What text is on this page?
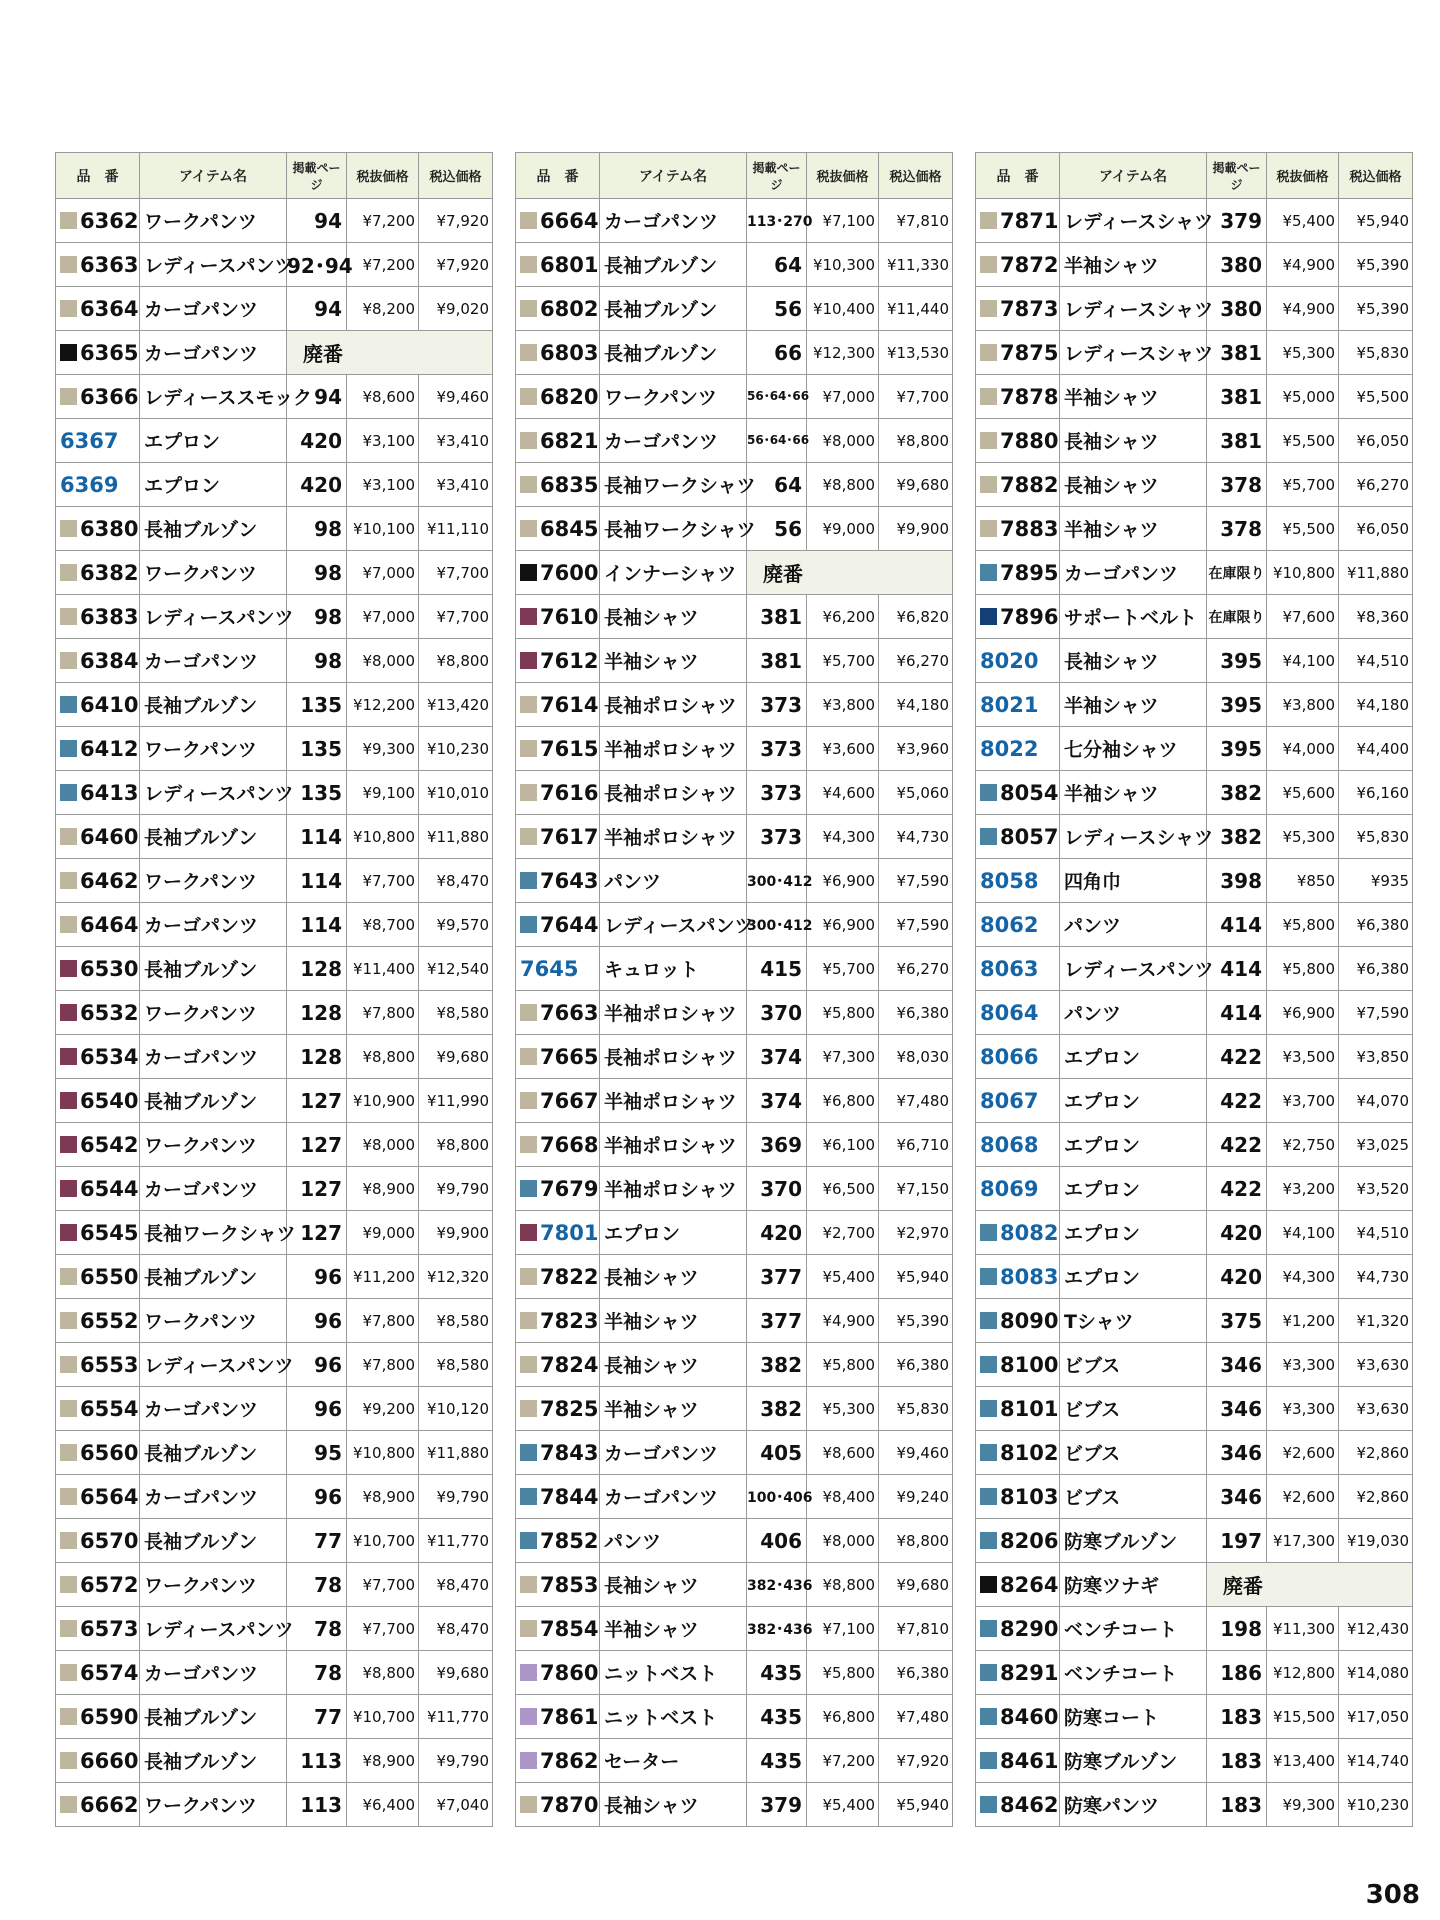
品　番	アイテム名	掲載ページ	税抜価格	税込価格
6362	ワークパンツ	94	¥7,200	¥7,920
6363	レディースパンツ	92･94	¥7,200	¥7,920
6364	カーゴパンツ	94	¥8,200	¥9,020
6365	カーゴパンツ	廃番		
6366	レディーススモック	94	¥8,600	¥9,460
6367	エプロン	420	¥3,100	¥3,410
6369	エプロン	420	¥3,100	¥3,410
6380	長袖ブルゾン	98	¥10,100	¥11,110
6382	ワークパンツ	98	¥7,000	¥7,700
6383	レディースパンツ	98	¥7,000	¥7,700
6384	カーゴパンツ	98	¥8,000	¥8,800
6410	長袖ブルゾン	135	¥12,200	¥13,420
6412	ワークパンツ	135	¥9,300	¥10,230
6413	レディースパンツ	135	¥9,100	¥10,010
6460	長袖ブルゾン	114	¥10,800	¥11,880
6462	ワークパンツ	114	¥7,700	¥8,470
6464	カーゴパンツ	114	¥8,700	¥9,570
6530	長袖ブルゾン	128	¥11,400	¥12,540
6532	ワークパンツ	128	¥7,800	¥8,580
6534	カーゴパンツ	128	¥8,800	¥9,680
6540	長袖ブルゾン	127	¥10,900	¥11,990
6542	ワークパンツ	127	¥8,000	¥8,800
6544	カーゴパンツ	127	¥8,900	¥9,790
6545	長袖ワークシャツ	127	¥9,000	¥9,900
6550	長袖ブルゾン	96	¥11,200	¥12,320
6552	ワークパンツ	96	¥7,800	¥8,580
6553	レディースパンツ	96	¥7,800	¥8,580
6554	カーゴパンツ	96	¥9,200	¥10,120
6560	長袖ブルゾン	95	¥10,800	¥11,880
6564	カーゴパンツ	96	¥8,900	¥9,790
6570	長袖ブルゾン	77	¥10,700	¥11,770
6572	ワークパンツ	78	¥7,700	¥8,470
6573	レディースパンツ	78	¥7,700	¥8,470
6574	カーゴパンツ	78	¥8,800	¥9,680
6590	長袖ブルゾン	77	¥10,700	¥11,770
6660	長袖ブルゾン	113	¥8,900	¥9,790
6662	ワークパンツ	113	¥6,400	¥7,040
品　番	アイテム名	掲載ページ	税抜価格	税込価格
6664	カーゴパンツ	113･270	¥7,100	¥7,810
6801	長袖ブルゾン	64	¥10,300	¥11,330
6802	長袖ブルゾン	56	¥10,400	¥11,440
6803	長袖ブルゾン	66	¥12,300	¥13,530
6820	ワークパンツ	56･64･66	¥7,000	¥7,700
6821	カーゴパンツ	56･64･66	¥8,000	¥8,800
6835	長袖ワークシャツ	64	¥8,800	¥9,680
6845	長袖ワークシャツ	56	¥9,000	¥9,900
7600	インナーシャツ	廃番		
7610	長袖シャツ	381	¥6,200	¥6,820
7612	半袖シャツ	381	¥5,700	¥6,270
7614	長袖ポロシャツ	373	¥3,800	¥4,180
7615	半袖ポロシャツ	373	¥3,600	¥3,960
7616	長袖ポロシャツ	373	¥4,600	¥5,060
7617	半袖ポロシャツ	373	¥4,300	¥4,730
7643	パンツ	300･412	¥6,900	¥7,590
7644	レディースパンツ	300･412	¥6,900	¥7,590
7645	キュロット	415	¥5,700	¥6,270
7663	半袖ポロシャツ	370	¥5,800	¥6,380
7665	長袖ポロシャツ	374	¥7,300	¥8,030
7667	半袖ポロシャツ	374	¥6,800	¥7,480
7668	半袖ポロシャツ	369	¥6,100	¥6,710
7679	半袖ポロシャツ	370	¥6,500	¥7,150
7801	エプロン	420	¥2,700	¥2,970
7822	長袖シャツ	377	¥5,400	¥5,940
7823	半袖シャツ	377	¥4,900	¥5,390
7824	長袖シャツ	382	¥5,800	¥6,380
7825	半袖シャツ	382	¥5,300	¥5,830
7843	カーゴパンツ	405	¥8,600	¥9,460
7844	カーゴパンツ	100･406	¥8,400	¥9,240
7852	パンツ	406	¥8,000	¥8,800
7853	長袖シャツ	382･436	¥8,800	¥9,680
7854	半袖シャツ	382･436	¥7,100	¥7,810
7860	ニットベスト	435	¥5,800	¥6,380
7861	ニットベスト	435	¥6,800	¥7,480
7862	セーター	435	¥7,200	¥7,920
7870	長袖シャツ	379	¥5,400	¥5,940
品　番	アイテム名	掲載ページ	税抜価格	税込価格
7871	レディースシャツ	379	¥5,400	¥5,940
7872	半袖シャツ	380	¥4,900	¥5,390
7873	レディースシャツ	380	¥4,900	¥5,390
7875	レディースシャツ	381	¥5,300	¥5,830
7878	半袖シャツ	381	¥5,000	¥5,500
7880	長袖シャツ	381	¥5,500	¥6,050
7882	長袖シャツ	378	¥5,700	¥6,270
7883	半袖シャツ	378	¥5,500	¥6,050
7895	カーゴパンツ	在庫限り	¥10,800	¥11,880
7896	サポートベルト	在庫限り	¥7,600	¥8,360
8020	長袖シャツ	395	¥4,100	¥4,510
8021	半袖シャツ	395	¥3,800	¥4,180
8022	七分袖シャツ	395	¥4,000	¥4,400
8054	半袖シャツ	382	¥5,600	¥6,160
8057	レディースシャツ	382	¥5,300	¥5,830
8058	四角巾	398	¥850	¥935
8062	パンツ	414	¥5,800	¥6,380
8063	レディースパンツ	414	¥5,800	¥6,380
8064	パンツ	414	¥6,900	¥7,590
8066	エプロン	422	¥3,500	¥3,850
8067	エプロン	422	¥3,700	¥4,070
8068	エプロン	422	¥2,750	¥3,025
8069	エプロン	422	¥3,200	¥3,520
8082	エプロン	420	¥4,100	¥4,510
8083	エプロン	420	¥4,300	¥4,730
8090	Tシャツ	375	¥1,200	¥1,320
8100	ビブス	346	¥3,300	¥3,630
8101	ビブス	346	¥3,300	¥3,630
8102	ビブス	346	¥2,600	¥2,860
8103	ビブス	346	¥2,600	¥2,860
8206	防寒ブルゾン	197	¥17,300	¥19,030
8264	防寒ツナギ	廃番		
8290	ベンチコート	198	¥11,300	¥12,430
8291	ベンチコート	186	¥12,800	¥14,080
8460	防寒コート	183	¥15,500	¥17,050
8461	防寒ブルゾン	183	¥13,400	¥14,740
8462	防寒パンツ	183	¥9,300	¥10,230
308
